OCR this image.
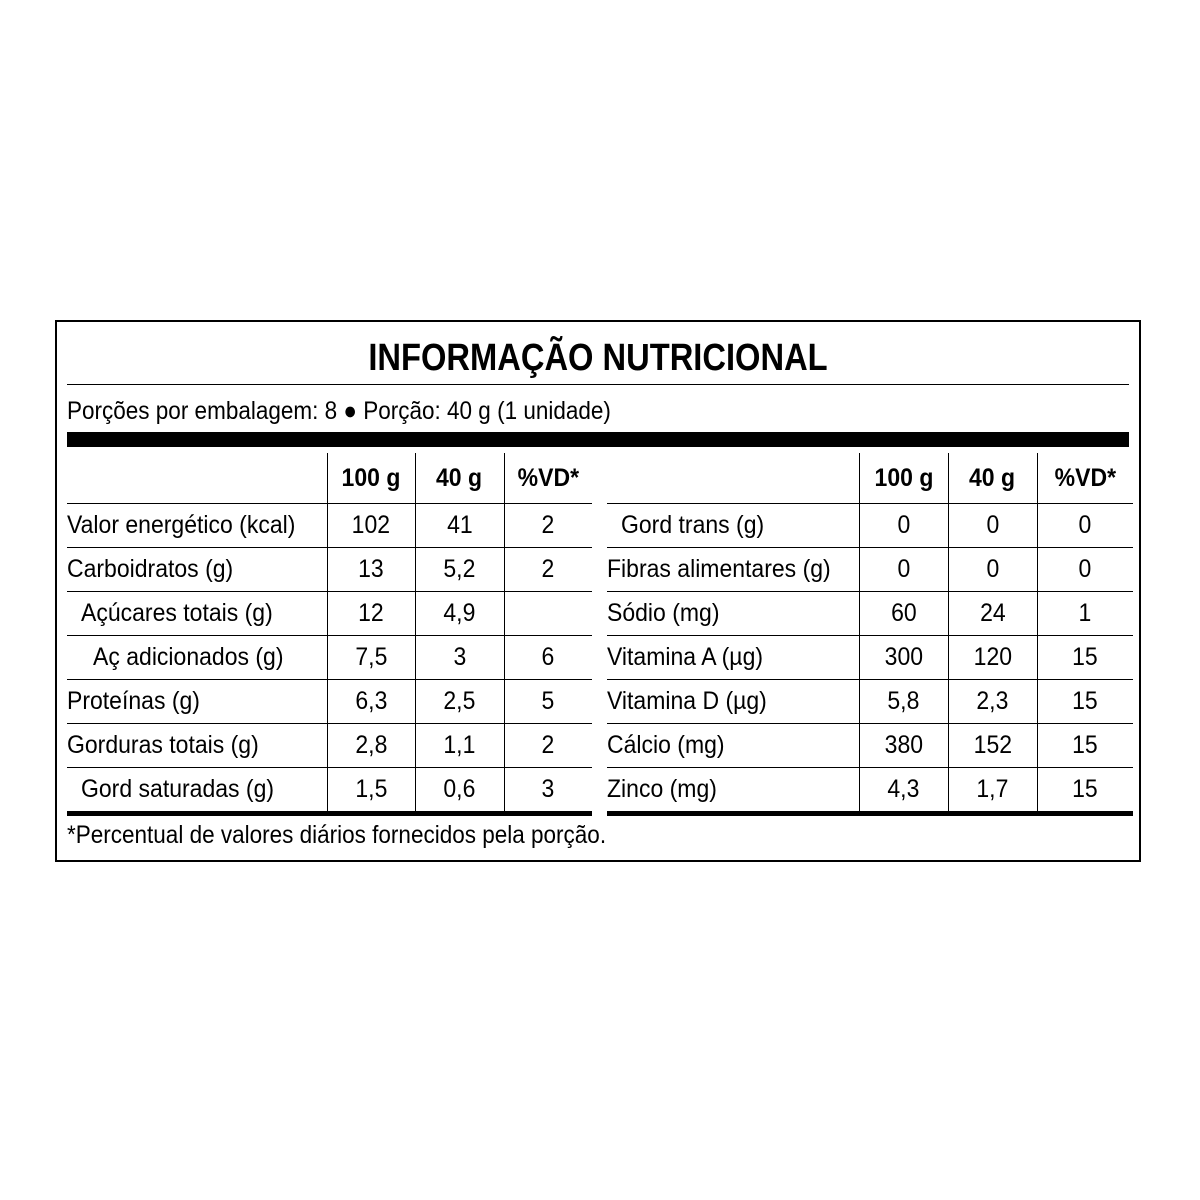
INFORMAÇÃO NUTRICIONAL
Porções por embalagem: 8 ● Porção: 40 g (1 unidade)
	100 g	40 g	%VD*
Valor energético (kcal)	102	41	2
Carboidratos (g)	13	5,2	2
Açúcares totais (g)	12	4,9	
Aç adicionados (g)	7,5	3	6
Proteínas (g)	6,3	2,5	5
Gorduras totais (g)	2,8	1,1	2
Gord saturadas (g)	1,5	0,6	3
	100 g	40 g	%VD*
Gord trans (g)	0	0	0
Fibras alimentares (g)	0	0	0
Sódio (mg)	60	24	1
Vitamina A (µg)	300	120	15
Vitamina D (µg)	5,8	2,3	15
Cálcio (mg)	380	152	15
Zinco (mg)	4,3	1,7	15
*Percentual de valores diários fornecidos pela porção.
